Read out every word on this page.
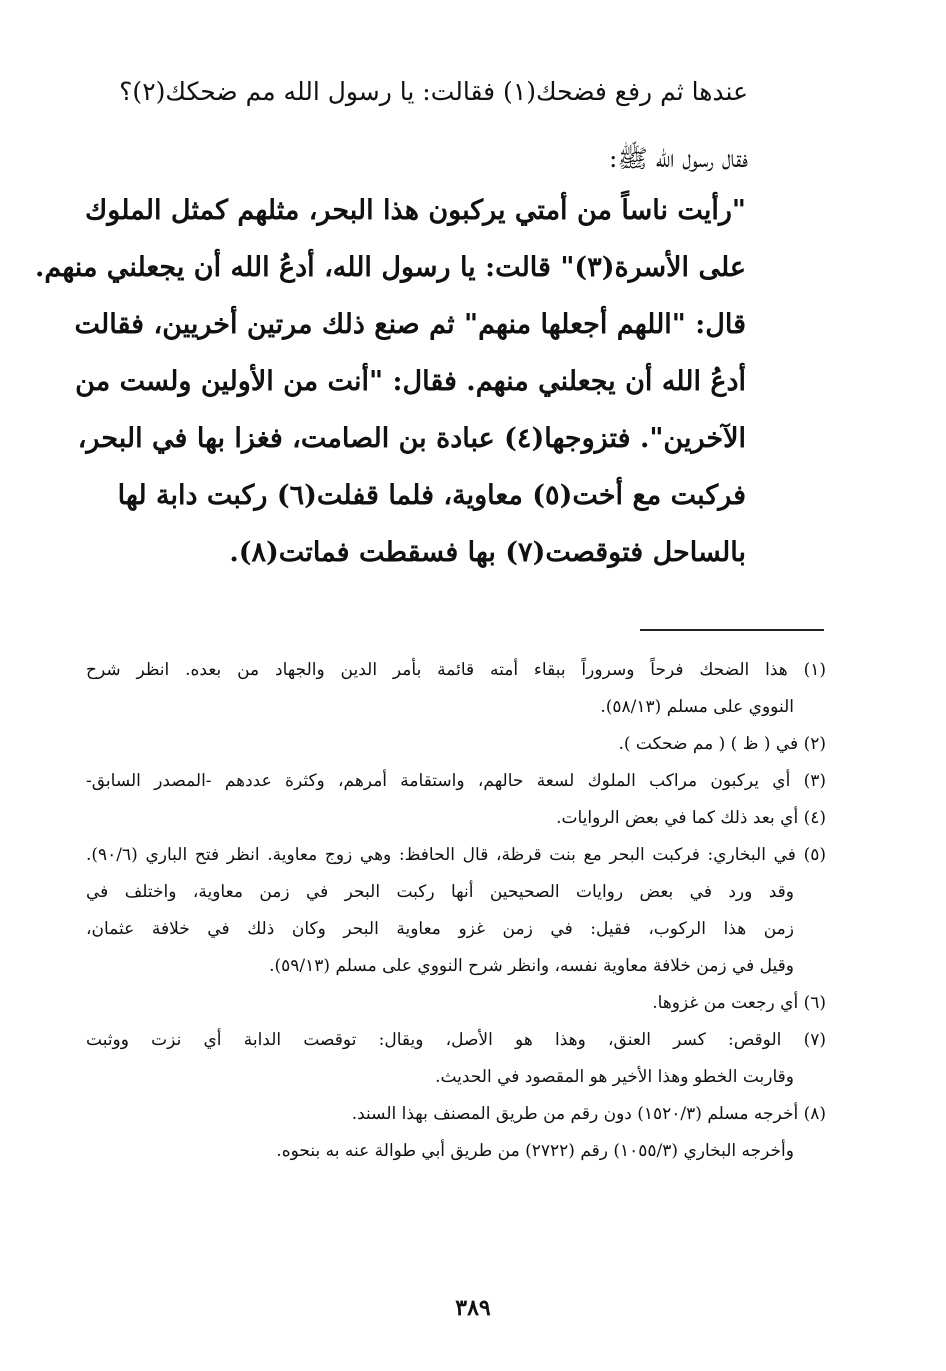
عندها ثم رفع فضحك(١) فقالت: يا رسول الله مم ضحكك(٢)؟
فقال رسول الله ﷺ:
"رأيت ناساً من أمتي يركبون هذا البحر، مثلهم كمثل الملوك
على الأسرة(٣)" قالت: يا رسول الله، أدعُ الله أن يجعلني منهم.
قال: "اللهم أجعلها منهم" ثم صنع ذلك مرتين أخريين، فقالت
أدعُ الله أن يجعلني منهم. فقال: "أنت من الأولين ولست من
الآخرين". فتزوجها(٤) عبادة بن الصامت، فغزا بها في البحر،
فركبت مع أخت(٥) معاوية، فلما قفلت(٦) ركبت دابة لها
بالساحل فتوقصت(٧) بها فسقطت فماتت(٨).
(١) هذا الضحك فرحاً وسروراً ببقاء أمته قائمة بأمر الدين والجهاد من بعده. انظر شرح
النووي على مسلم (٥٨/١٣).
(٢) في ( ظ ) ( مم ضحكت ).
(٣) أي يركبون مراكب الملوك لسعة حالهم، واستقامة أمرهم، وكثرة عددهم -المصدر السابق-
(٤) أي بعد ذلك كما في بعض الروايات.
(٥) في البخاري: فركبت البحر مع بنت قرظة، قال الحافظ: وهي زوج معاوية. انظر فتح الباري (٩٠/٦).
وقد ورد في بعض روايات الصحيحين أنها ركبت البحر في زمن معاوية، واختلف في
زمن هذا الركوب، فقيل: في زمن غزو معاوية البحر وكان ذلك في خلافة عثمان،
وقيل في زمن خلافة معاوية نفسه، وانظر شرح النووي على مسلم (٥٩/١٣).
(٦) أي رجعت من غزوها.
(٧) الوقص: كسر العنق، وهذا هو الأصل، ويقال: توقصت الدابة أي نزت ووثبت
وقاربت الخطو وهذا الأخير هو المقصود في الحديث.
(٨) أخرجه مسلم (١٥٢٠/٣) دون رقم من طريق المصنف بهذا السند.
وأخرجه البخاري (١٠٥٥/٣) رقم (٢٧٢٢) من طريق أبي طوالة عنه به بنحوه.
٣٨٩
